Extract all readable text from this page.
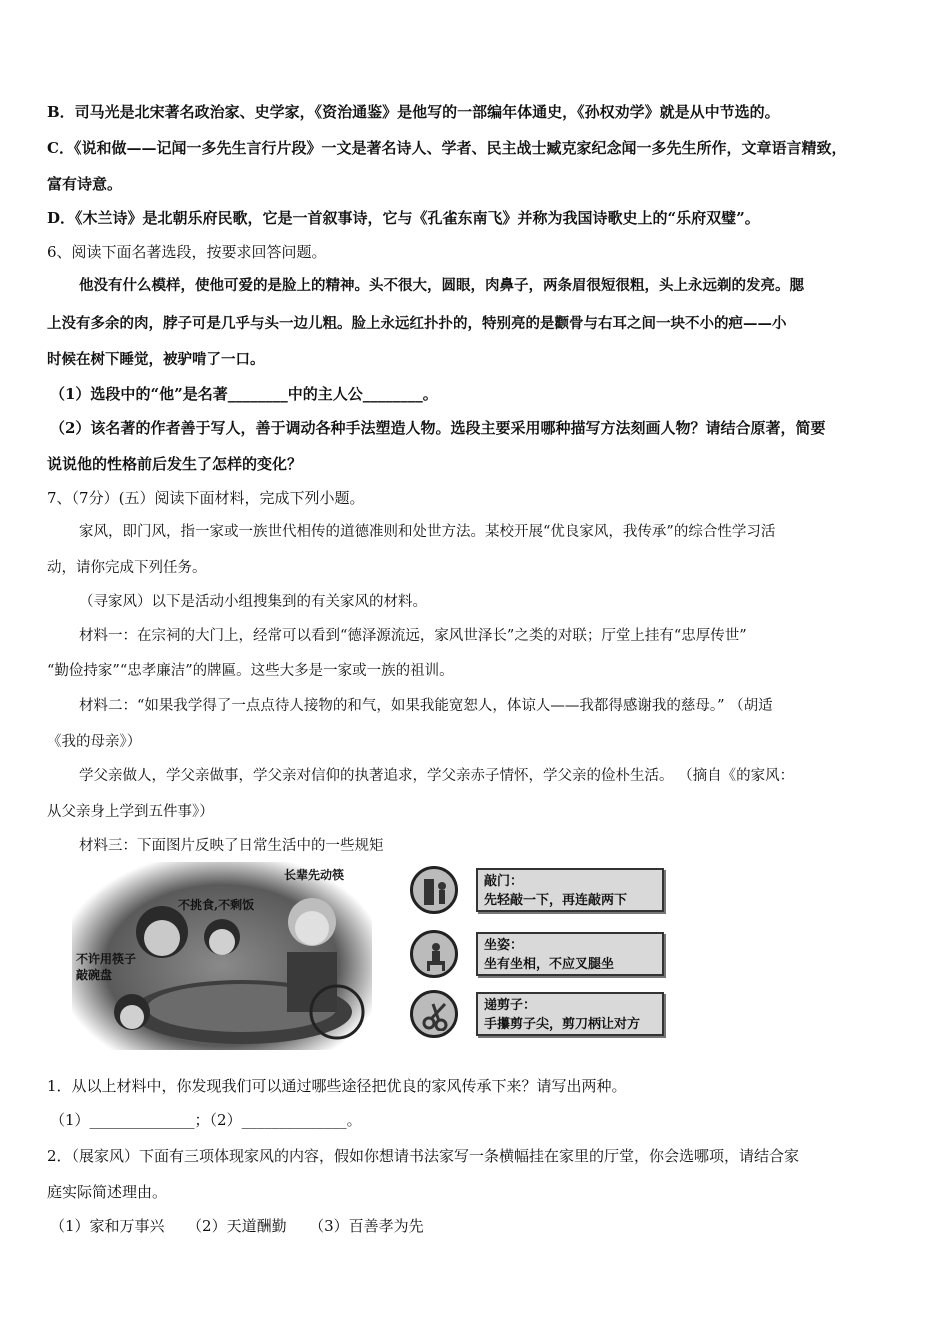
B．司马光是北宋著名政治家、史学家，《资治通鉴》是他写的一部编年体通史，《孙权劝学》就是从中节选的。
C．《说和做——记闻一多先生言行片段》一文是著名诗人、学者、民主战士臧克家纪念闻一多先生所作，文章语言精致，
富有诗意。
D．《木兰诗》是北朝乐府民歌，它是一首叙事诗，它与《孔雀东南飞》并称为我国诗歌史上的“乐府双璧”。
6、阅读下面名著选段，按要求回答问题。
他没有什么模样，使他可爱的是脸上的精神。头不很大，圆眼，肉鼻子，两条眉很短很粗，头上永远剃的发亮。腮
上没有多余的肉，脖子可是几乎与头一边儿粗。脸上永远红扑扑的，特别亮的是颧骨与右耳之间一块不小的疤——小
时候在树下睡觉，被驴啃了一口。
（1）选段中的“他”是名著________中的主人公________。
（2）该名著的作者善于写人，善于调动各种手法塑造人物。选段主要采用哪种描写方法刻画人物？请结合原著，简要
说说他的性格前后发生了怎样的变化？
7、（7分）(五）阅读下面材料，完成下列小题。
家风，即门风，指一家或一族世代相传的道德准则和处世方法。某校开展“优良家风，我传承”的综合性学习活
动，请你完成下列任务。
（寻家风）以下是活动小组搜集到的有关家风的材料。
材料一：在宗祠的大门上，经常可以看到“德泽源流远，家风世泽长”之类的对联；厅堂上挂有“忠厚传世”
“勤俭持家”“忠孝廉洁”的牌匾。这些大多是一家或一族的祖训。
材料二：“如果我学得了一点点待人接物的和气，如果我能宽恕人，体谅人——我都得感谢我的慈母。” （胡适
《我的母亲》）
学父亲做人，学父亲做事，学父亲对信仰的执著追求，学父亲赤子情怀，学父亲的俭朴生活。 （摘自《的家风：
从父亲身上学到五件事》）
材料三：下面图片反映了日常生活中的一些规矩
长辈先动筷
不挑食,不剩饭
不许用筷子
敲碗盘
敲门：
先轻敲一下，再连敲两下
坐姿：
坐有坐相，不应叉腿坐
递剪子：
手攥剪子尖，剪刀柄让对方
1．从以上材料中，你发现我们可以通过哪些途径把优良的家风传承下来？请写出两种。
（1）______________；（2）______________。
2．（展家风）下面有三项体现家风的内容，假如你想请书法家写一条横幅挂在家里的厅堂，你会选哪项，请结合家
庭实际简述理由。
（1）家和万事兴　　（2）天道酬勤　　（3）百善孝为先
